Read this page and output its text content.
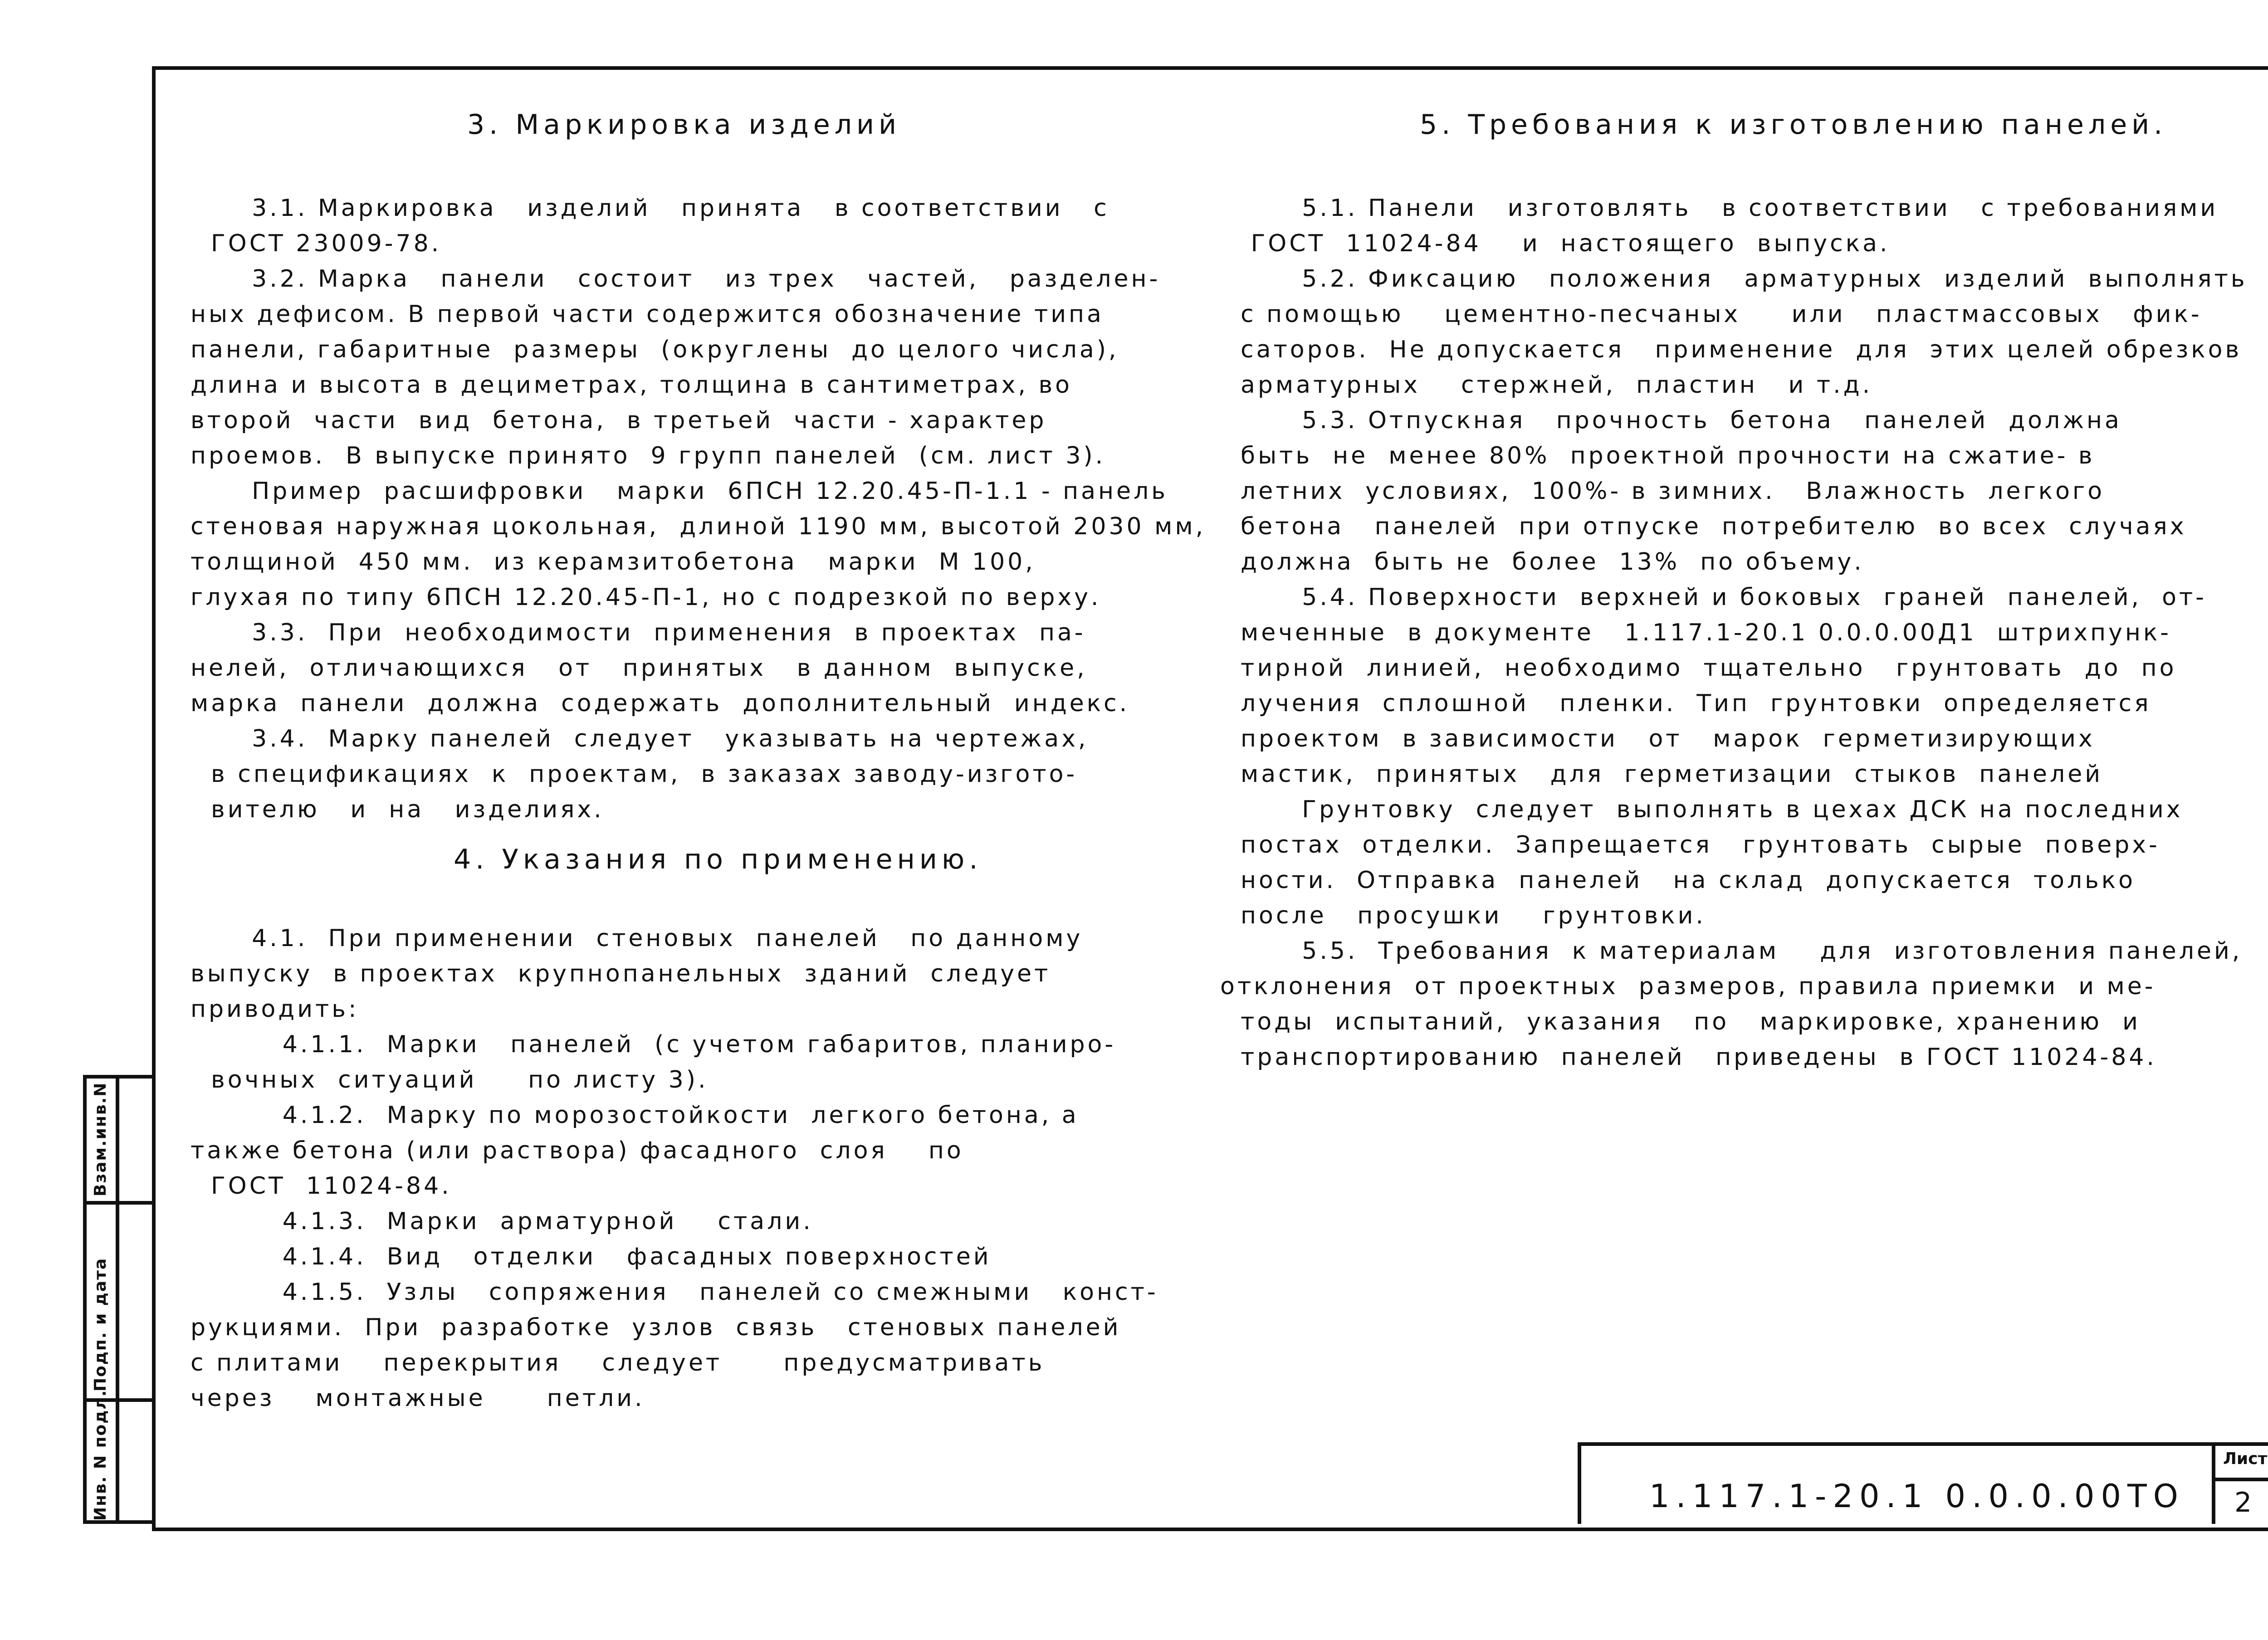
3. Маркировка изделий
3.1. Маркировка   изделий   принята   в соответствии   с
ГОСТ 23009-78.
3.2. Марка   панели   состоит   из трех   частей,   разделен-
ных дефисом. В первой части содержится обозначение типа
панели, габаритные  размеры  (округлены  до целого числа),
длина и высота в дециметрах, толщина в сантиметрах, во
второй  части  вид  бетона,  в третьей  части - характер
проемов.  В выпуске принято  9 групп панелей  (см. лист 3).
Пример  расшифровки   марки  6ПСН 12.20.45-П-1.1 - панель
стеновая наружная цокольная,  длиной 1190 мм, высотой 2030 мм,
толщиной  450 мм.  из керамзитобетона   марки  М 100,
глухая по типу 6ПСН 12.20.45-П-1, но с подрезкой по верху.
3.3.  При  необходимости  применения  в проектах  па-
нелей,  отличающихся   от   принятых   в данном  выпуске,
марка  панели  должна  содержать  дополнительный  индекс.
3.4.  Марку панелей  следует   указывать на чертежах,
в спецификациях  к  проектам,  в заказах заводу-изгото-
вителю   и  на   изделиях.
4. Указания по применению.
4.1.  При применении  стеновых  панелей   по данному
выпуску  в проектах  крупнопанельных  зданий  следует
приводить:
4.1.1.  Марки   панелей  (с учетом габаритов, планиро-
вочных  ситуаций     по листу 3).
4.1.2.  Марку по морозостойкости  легкого бетона, а
также бетона (или раствора) фасадного  слоя    по
ГОСТ  11024-84.
4.1.3.  Марки  арматурной    стали.
4.1.4.  Вид   отделки   фасадных поверхностей
4.1.5.  Узлы   сопряжения   панелей со смежными   конст-
рукциями.  При  разработке  узлов  связь   стеновых панелей
с плитами    перекрытия    следует      предусматривать
через    монтажные      петли.
5. Требования к изготовлению панелей.
5.1. Панели   изготовлять   в соответствии   с требованиями
ГОСТ  11024-84    и  настоящего  выпуска.
5.2. Фиксацию   положения   арматурных  изделий  выполнять
с помощью    цементно-песчаных     или   пластмассовых   фик-
саторов.  Не допускается   применение  для  этих целей обрезков
арматурных    стержней,  пластин   и т.д.
5.3. Отпускная   прочность  бетона   панелей  должна
быть  не  менее 80%  проектной прочности на сжатие- в
летних  условиях,  100%- в зимних.   Влажность  легкого
бетона   панелей  при отпуске  потребителю  во всех  случаях
должна  быть не  более  13%  по объему.
5.4. Поверхности  верхней и боковых  граней  панелей,  от-
меченные  в документе   1.117.1-20.1 0.0.0.00Д1  штрихпунк-
тирной  линией,  необходимо  тщательно   грунтовать  до  по
лучения  сплошной   пленки.  Тип  грунтовки  определяется
проектом  в зависимости   от   марок  герметизирующих
мастик,  принятых   для  герметизации  стыков  панелей
Грунтовку  следует  выполнять в цехах ДСК на последних
постах  отделки.  Запрещается   грунтовать  сырые  поверх-
ности.  Отправка  панелей   на склад  допускается  только
после   просушки    грунтовки.
5.5.  Требования  к материалам    для  изготовления панелей,
отклонения  от проектных  размеров, правила приемки  и ме-
тоды  испытаний,  указания   по   маркировке, хранению  и
транспортированию  панелей   приведены  в ГОСТ 11024-84.
Взам.инв.N
Подп. и дата
Инв. N подл.	1.117.1-20.1 0.0.0.00ТО
Лист
2
